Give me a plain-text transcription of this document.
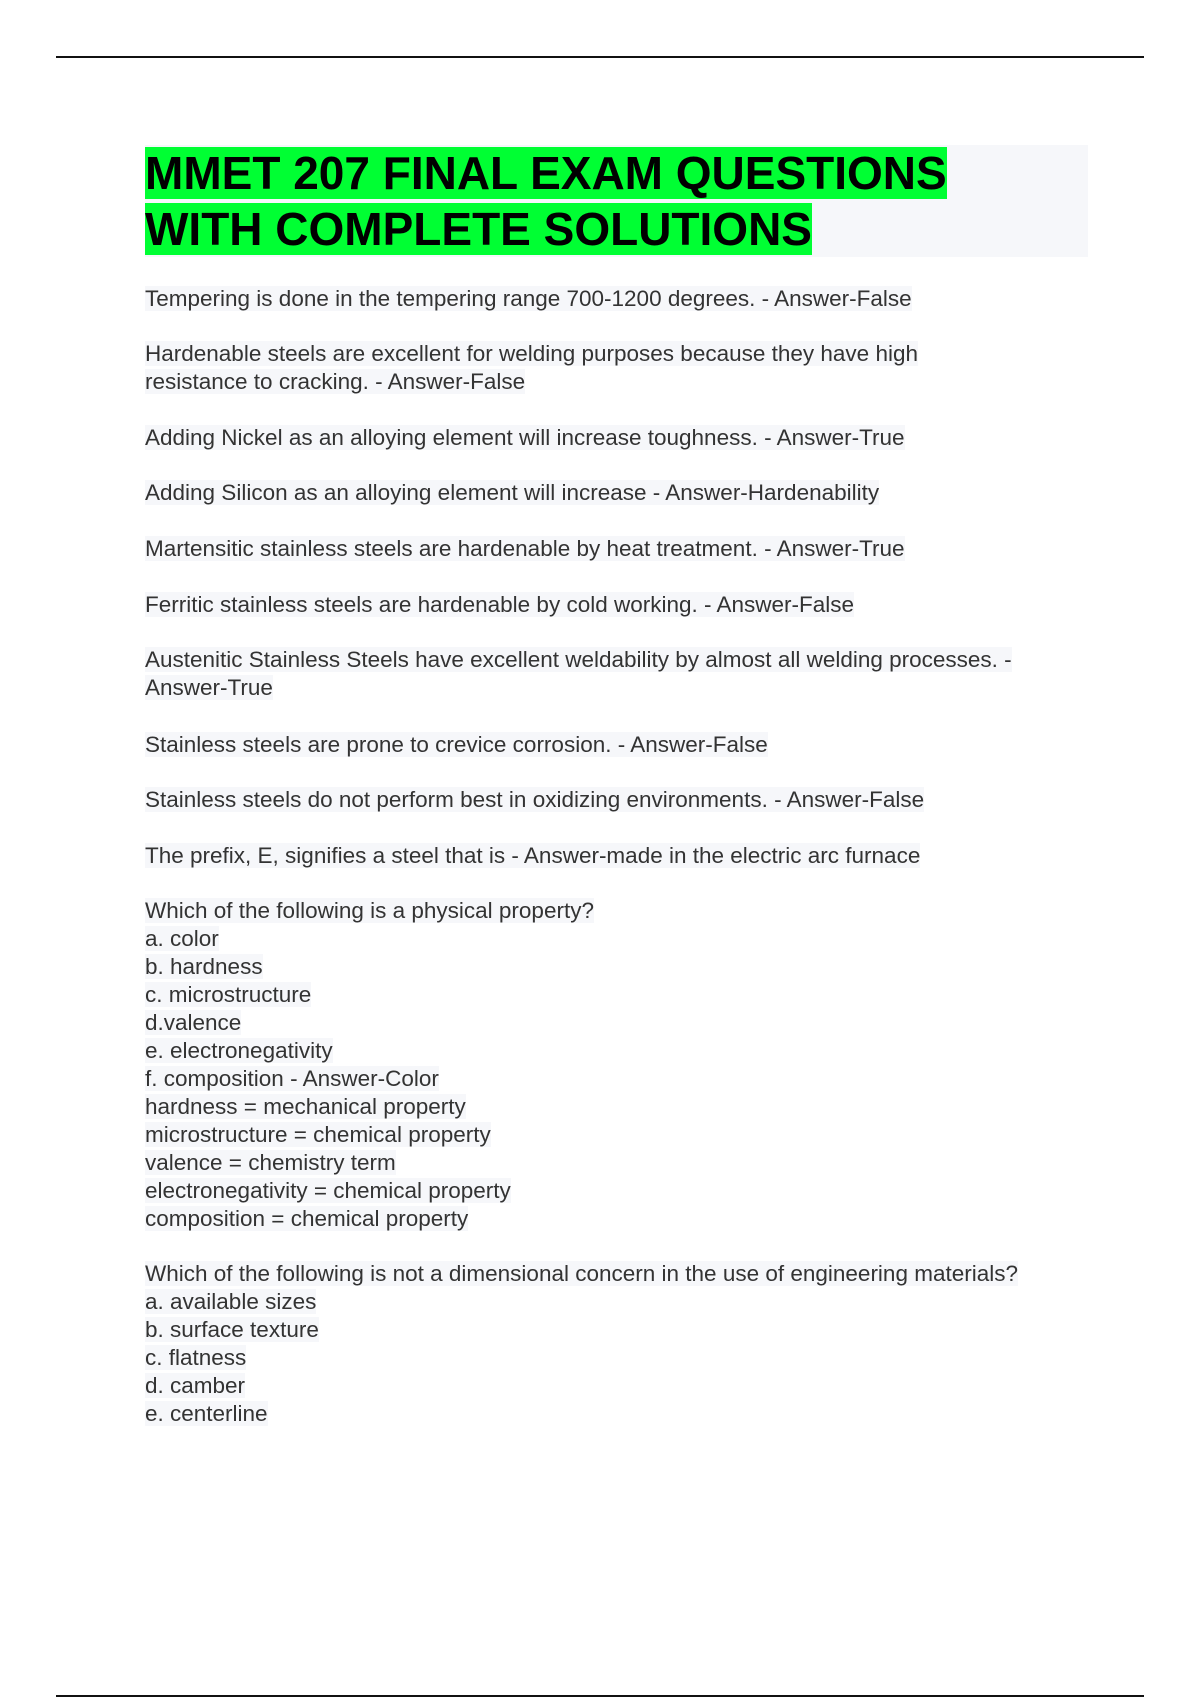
MMET 207 FINAL EXAM QUESTIONS
WITH COMPLETE SOLUTIONS

Tempering is done in the tempering range 700-1200 degrees. - Answer-False

Hardenable steels are excellent for welding purposes because they have high
resistance to cracking. - Answer-False

Adding Nickel as an alloying element will increase toughness. - Answer-True

Adding Silicon as an alloying element will increase - Answer-Hardenability

Martensitic stainless steels are hardenable by heat treatment. - Answer-True

Ferritic stainless steels are hardenable by cold working. - Answer-False

Austenitic Stainless Steels have excellent weldability by almost all welding processes. -
Answer-True

Stainless steels are prone to crevice corrosion. - Answer-False

Stainless steels do not perform best in oxidizing environments. - Answer-False

The prefix, E, signifies a steel that is - Answer-made in the electric arc furnace

Which of the following is a physical property?
a. color
b. hardness
c. microstructure
d.valence
e. electronegativity
f. composition - Answer-Color
hardness = mechanical property
microstructure = chemical property
valence = chemistry term
electronegativity = chemical property
composition = chemical property
Which of the following is not a dimensional concern in the use of engineering materials?
a. available sizes
b. surface texture
c. flatness
d. camber
e. centerline
